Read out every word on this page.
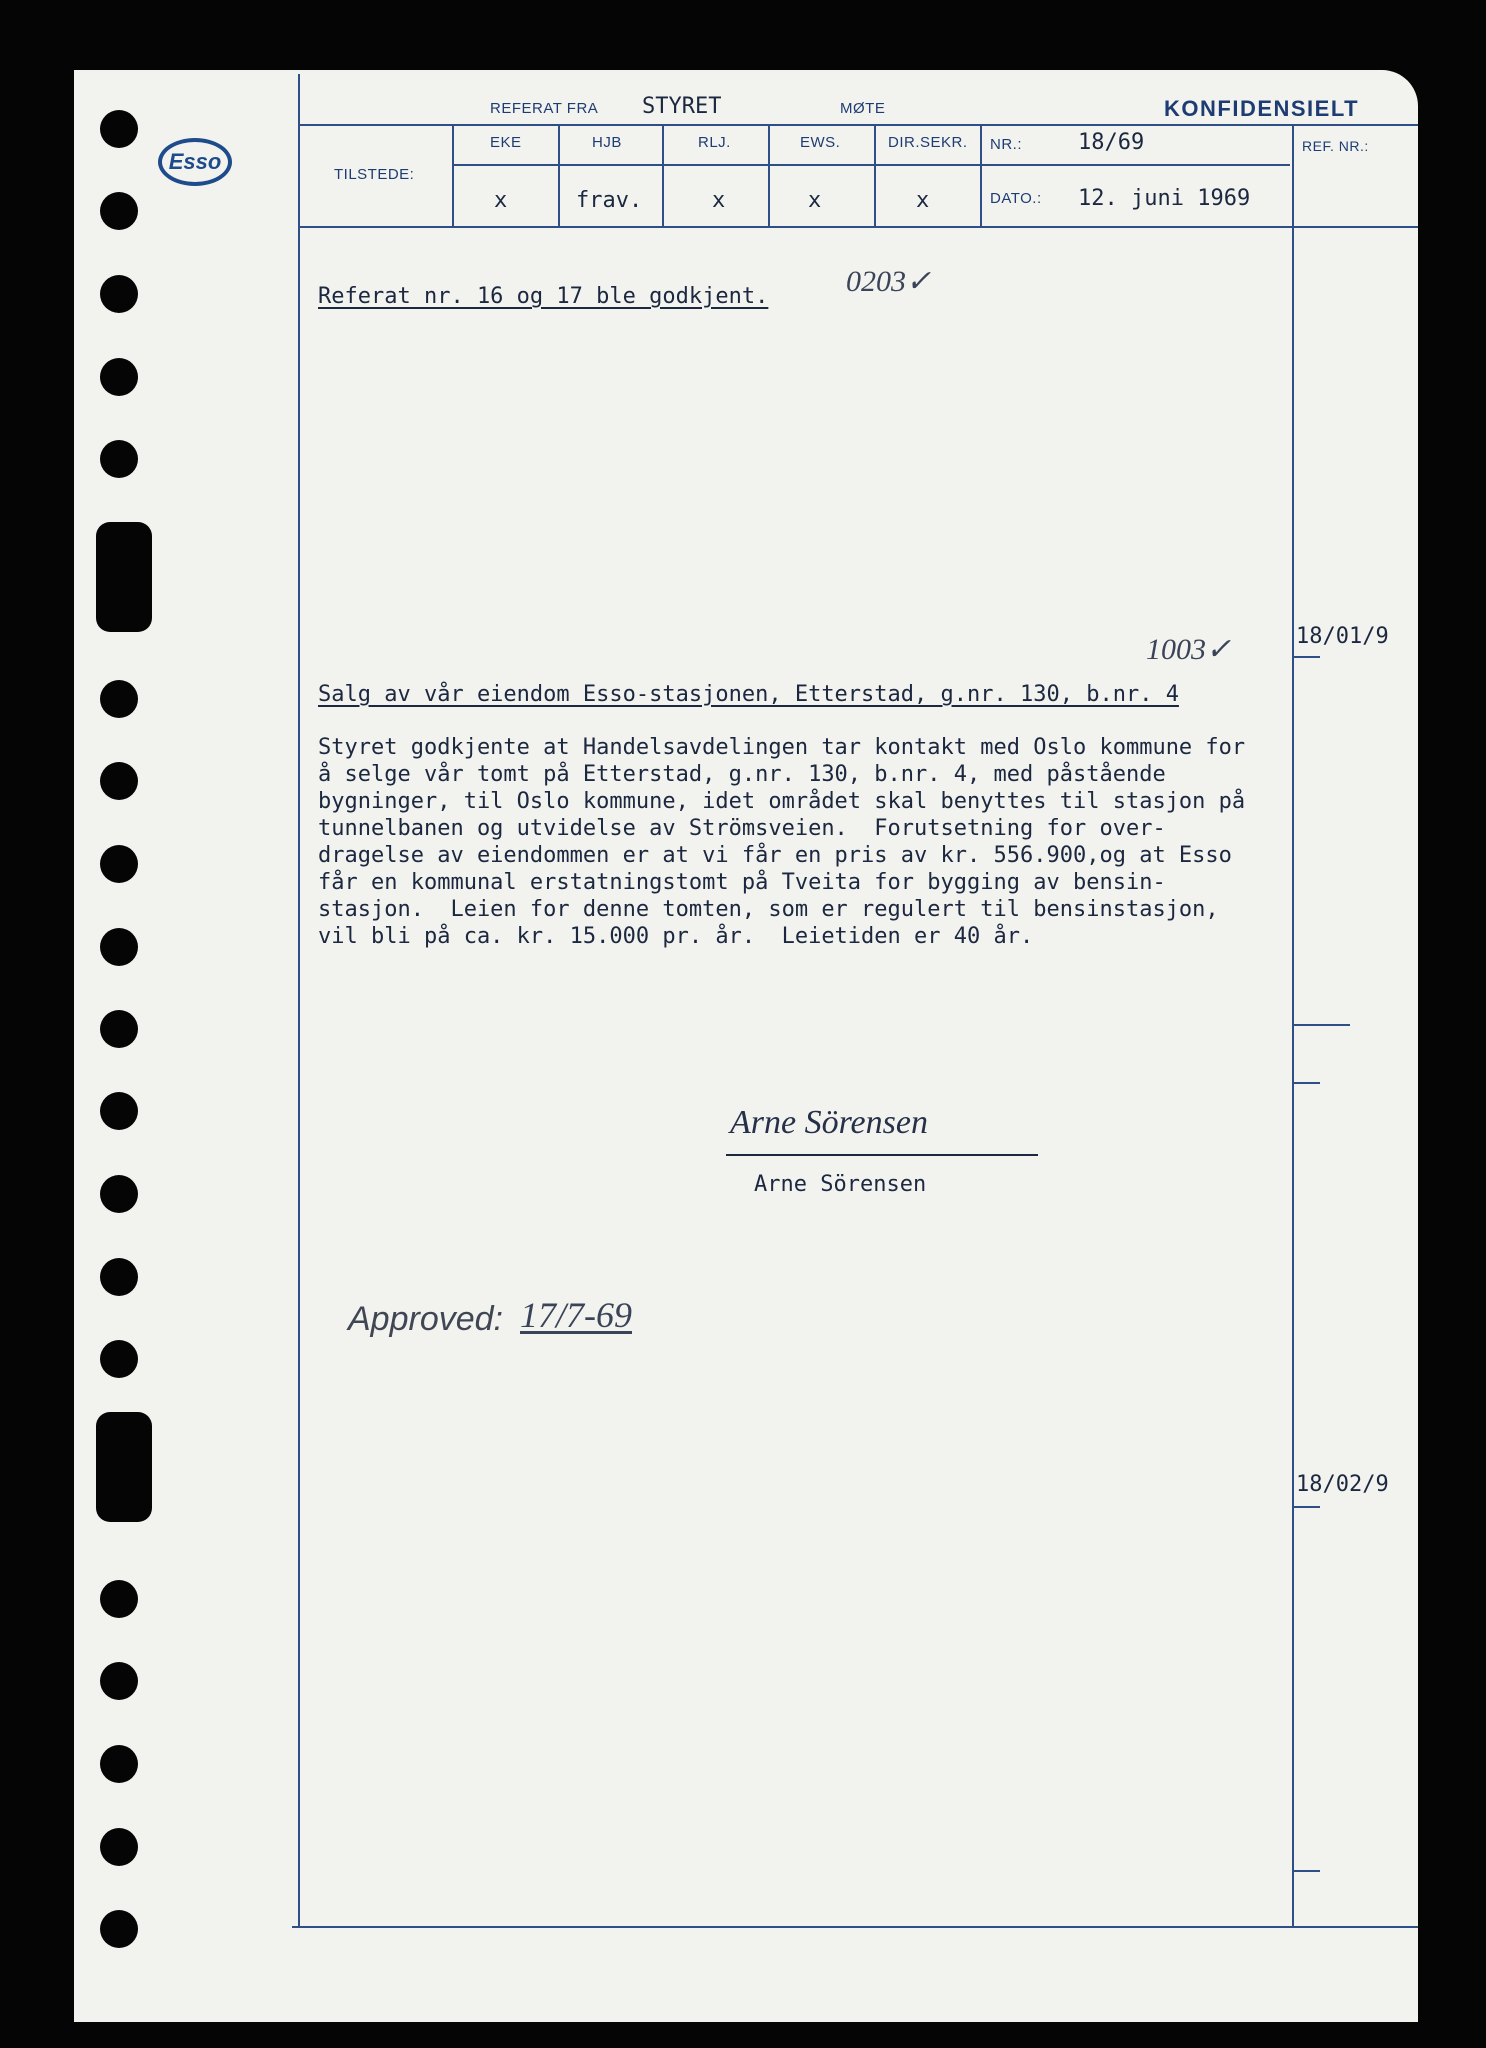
Esso
REFERAT FRA STYRET	MØTE	KONFIDENSIELT
TILSTEDE:
EKE	HJB	RLJ.	EWS.	DIR.SEKR.
x	frav.	x	x	x
NR.:	18/69
DATO.: 12. juni 1969
REF. NR.:
Referat nr. 16 og 17 ble godkjent.	0203✓
18/01/9
1003✓
Salg av vår eiendom Esso-stasjonen, Etterstad, g.nr. 130, b.nr. 4
Styret godkjente at Handelsavdelingen tar kontakt med Oslo kommune for
å selge vår tomt på Etterstad, g.nr. 130, b.nr. 4, med påstående
bygninger, til Oslo kommune, idet området skal benyttes til stasjon på
tunnelbanen og utvidelse av Strömsveien.  Forutsetning for over-
dragelse av eiendommen er at vi får en pris av kr. 556.900,og at Esso
får en kommunal erstatningstomt på Tveita for bygging av bensin-
stasjon.  Leien for denne tomten, som er regulert til bensinstasjon,
vil bli på ca. kr. 15.000 pr. år.  Leietiden er 40 år.
Arne Sörensen
Arne Sörensen
Approved: 17/7-69
18/02/9
